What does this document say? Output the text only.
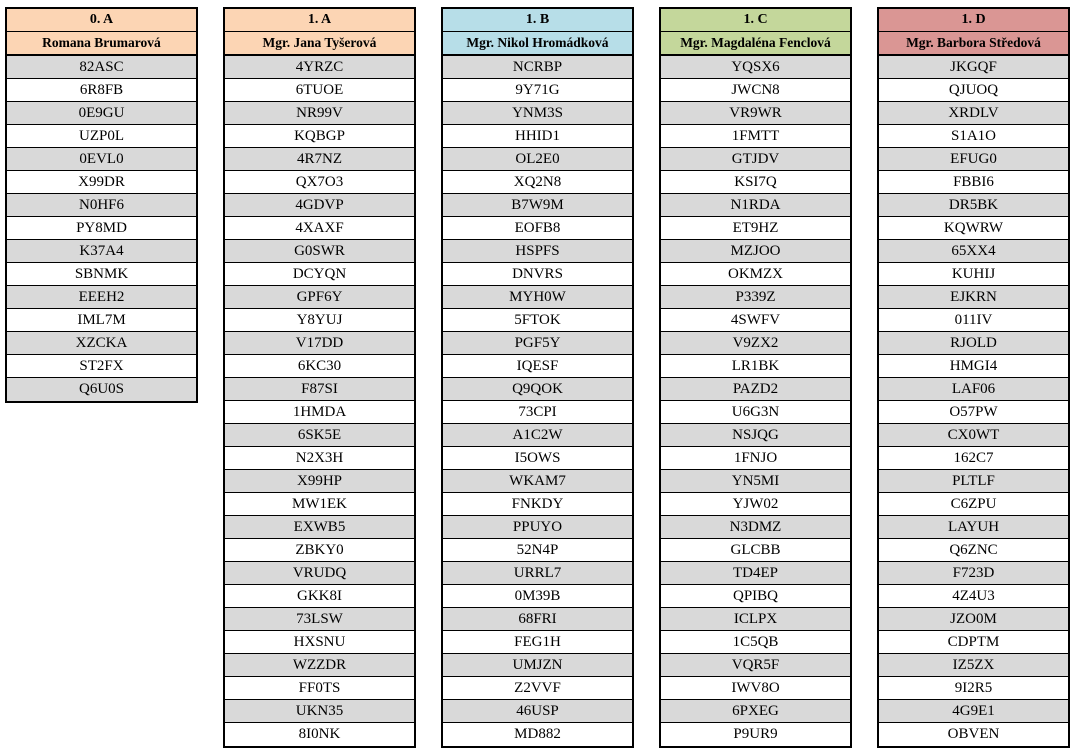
0. A
Romana Brumarová
82ASC
6R8FB
0E9GU
UZP0L
0EVL0
X99DR
N0HF6
PY8MD
K37A4
SBNMK
EEEH2
IML7M
XZCKA
ST2FX
Q6U0S
1. A
Mgr. Jana Tyšerová
4YRZC
6TUOE
NR99V
KQBGP
4R7NZ
QX7O3
4GDVP
4XAXF
G0SWR
DCYQN
GPF6Y
Y8YUJ
V17DD
6KC30
F87SI
1HMDA
6SK5E
N2X3H
X99HP
MW1EK
EXWB5
ZBKY0
VRUDQ
GKK8I
73LSW
HXSNU
WZZDR
FF0TS
UKN35
8I0NK
1. B
Mgr. Nikol Hromádková
NCRBP
9Y71G
YNM3S
HHID1
OL2E0
XQ2N8
B7W9M
EOFB8
HSPFS
DNVRS
MYH0W
5FTOK
PGF5Y
IQESF
Q9QOK
73CPI
A1C2W
I5OWS
WKAM7
FNKDY
PPUYO
52N4P
URRL7
0M39B
68FRI
FEG1H
UMJZN
Z2VVF
46USP
MD882
1. C
Mgr. Magdaléna Fenclová
YQSX6
JWCN8
VR9WR
1FMTT
GTJDV
KSI7Q
N1RDA
ET9HZ
MZJOO
OKMZX
P339Z
4SWFV
V9ZX2
LR1BK
PAZD2
U6G3N
NSJQG
1FNJO
YN5MI
YJW02
N3DMZ
GLCBB
TD4EP
QPIBQ
ICLPX
1C5QB
VQR5F
IWV8O
6PXEG
P9UR9
1. D
Mgr. Barbora Středová
JKGQF
QJUOQ
XRDLV
S1A1O
EFUG0
FBBI6
DR5BK
KQWRW
65XX4
KUHIJ
EJKRN
011IV
RJOLD
HMGI4
LAF06
O57PW
CX0WT
162C7
PLTLF
C6ZPU
LAYUH
Q6ZNC
F723D
4Z4U3
JZO0M
CDPTM
IZ5ZX
9I2R5
4G9E1
OBVEN
